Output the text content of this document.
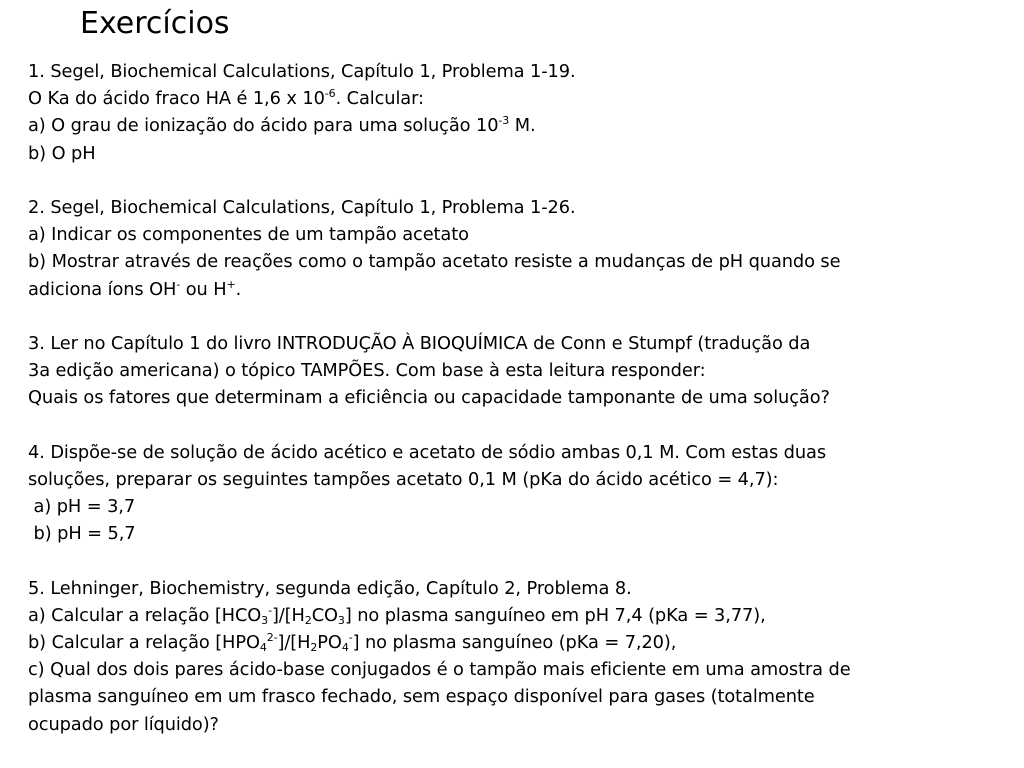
Exercícios
1. Segel, Biochemical Calculations, Capítulo 1, Problema 1-19.
O Ka do ácido fraco HA é 1,6 x $10^{-6}$. Calcular:
a) O grau de ionização do ácido para uma solução $10^{-3}$ M.
b) O pH
2. Segel, Biochemical Calculations, Capítulo 1, Problema 1-26.
a) Indicar os componentes de um tampão acetato
b) Mostrar através de reações como o tampão acetato resiste a mudanças de pH quando se
adiciona íons OH- ou H+.
3. Ler no Capítulo 1 do livro INTRODUÇÃO À BIOQUÍMICA de Conn e Stumpf (tradução da
3a edição americana) o tópico TAMPÕES. Com base à esta leitura responder:
Quais os fatores que determinam a eficiência ou capacidade tamponante de uma solução?
4. Dispõe-se de solução de ácido acético e acetato de sódio ambas 0,1 M. Com estas duas
soluções, preparar os seguintes tampões acetato 0,1 M (pKa do ácido acético = 4,7):
a) pH = 3,7
b) pH = 5,7
5. Lehninger, Biochemistry, segunda edição, Capítulo 2, Problema 8.
a) Calcular a relação $[HCO_3^-]/[H_2CO_3]$ no plasma sanguíneo em pH 7,4 (pKa = 3,77),
b) Calcular a relação $[HPO_4^{2-}]/[H_2PO_4^-]$ no plasma sanguíneo (pKa = 7,20),
c) Qual dos dois pares ácido-base conjugados é o tampão mais eficiente em uma amostra de
plasma sanguíneo em um frasco fechado, sem espaço disponível para gases (totalmente
ocupado por líquido)?
